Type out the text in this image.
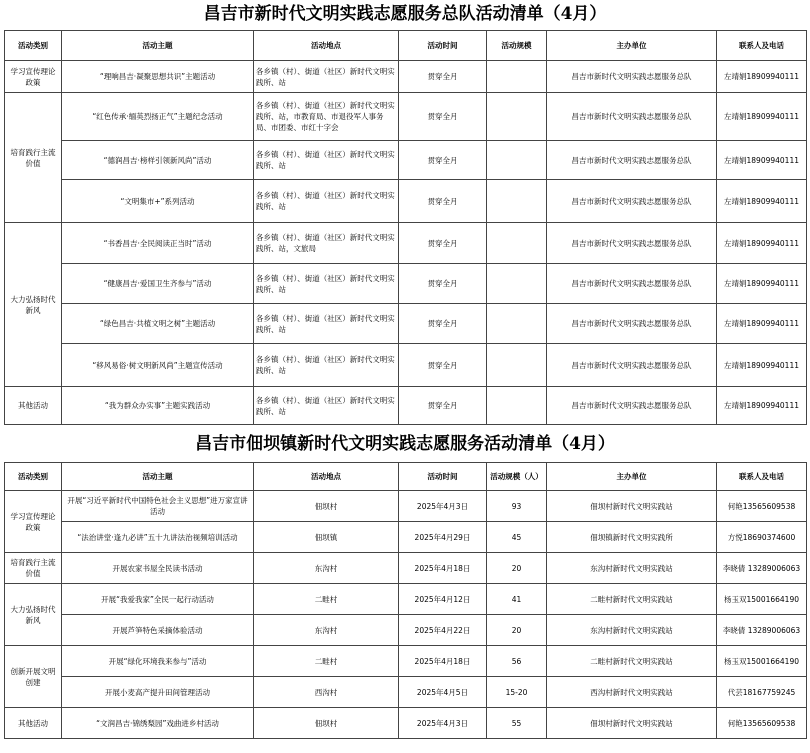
昌吉市新时代文明实践志愿服务总队活动清单（4月）
活动类别	活动主题	活动地点	活动时间	活动规模	主办单位	联系人及电话
学习宣传理论政策	“理响昌吉·凝聚思想共识”主题活动	各乡镇（村）、街道（社区）新时代文明实践所、站	贯穿全月		昌吉市新时代文明实践志愿服务总队	左靖娟18909940111
培育践行主流价值	“红色传承·缅英烈扬正气”主题纪念活动	各乡镇（村）、街道（社区）新时代文明实践所、站，市教育局、市退役军人事务局、市团委、市红十字会	贯穿全月		昌吉市新时代文明实践志愿服务总队	左靖娟18909940111
	“德润昌吉·榜样引领新风尚”活动	各乡镇（村）、街道（社区）新时代文明实践所、站	贯穿全月		昌吉市新时代文明实践志愿服务总队	左靖娟18909940111
	“文明集市+”系列活动	各乡镇（村）、街道（社区）新时代文明实践所、站	贯穿全月		昌吉市新时代文明实践志愿服务总队	左靖娟18909940111
大力弘扬时代新风	“书香昌吉·全民阅读正当时”活动	各乡镇（村）、街道（社区）新时代文明实践所、站，文旅局	贯穿全月		昌吉市新时代文明实践志愿服务总队	左靖娟18909940111
	“健康昌吉·爱国卫生齐参与”活动	各乡镇（村）、街道（社区）新时代文明实践所、站	贯穿全月		昌吉市新时代文明实践志愿服务总队	左靖娟18909940111
	“绿色昌吉·共植文明之树”主题活动	各乡镇（村）、街道（社区）新时代文明实践所、站	贯穿全月		昌吉市新时代文明实践志愿服务总队	左靖娟18909940111
	“移风易俗·树文明新风尚”主题宣传活动	各乡镇（村）、街道（社区）新时代文明实践所、站	贯穿全月		昌吉市新时代文明实践志愿服务总队	左靖娟18909940111
其他活动	“我为群众办实事”主题实践活动	各乡镇（村）、街道（社区）新时代文明实践所、站	贯穿全月		昌吉市新时代文明实践志愿服务总队	左靖娟18909940111
昌吉市佃坝镇新时代文明实践志愿服务活动清单（4月）
活动类别	活动主题	活动地点	活动时间	活动规模（人）	主办单位	联系人及电话
学习宣传理论政策	开展“习近平新时代中国特色社会主义思想”进万家宣讲活动	佃坝村	2025年4月3日	93	佃坝村新时代文明实践站	何艳13565609538
	“法治讲堂·逢九必讲”五十九讲法治视频培训活动	佃坝镇	2025年4月29日	45	佃坝镇新时代文明实践所	方悦18690374600
培育践行主流价值	开展农家书屋全民读书活动	东沟村	2025年4月18日	20	东沟村新时代文明实践站	李晓倩 13289006063
大力弘扬时代新风	开展“我爱我家”全民一起行动活动	二畦村	2025年4月12日	41	二畦村新时代文明实践站	杨玉双15001664190
	开展芦笋特色采摘体验活动	东沟村	2025年4月22日	20	东沟村新时代文明实践站	李晓倩 13289006063
创新开展文明创建	开展“绿化环境我来参与”活动	二畦村	2025年4月18日	56	二畦村新时代文明实践站	杨玉双15001664190
	开展小麦高产提升田间管理活动	西沟村	2025年4月5日	15-20	西沟村新时代文明实践站	代芸18167759245
其他活动	“文润昌吉·锦绣梨园”戏曲进乡村活动	佃坝村	2025年4月3日	55	佃坝村新时代文明实践站	何艳13565609538
